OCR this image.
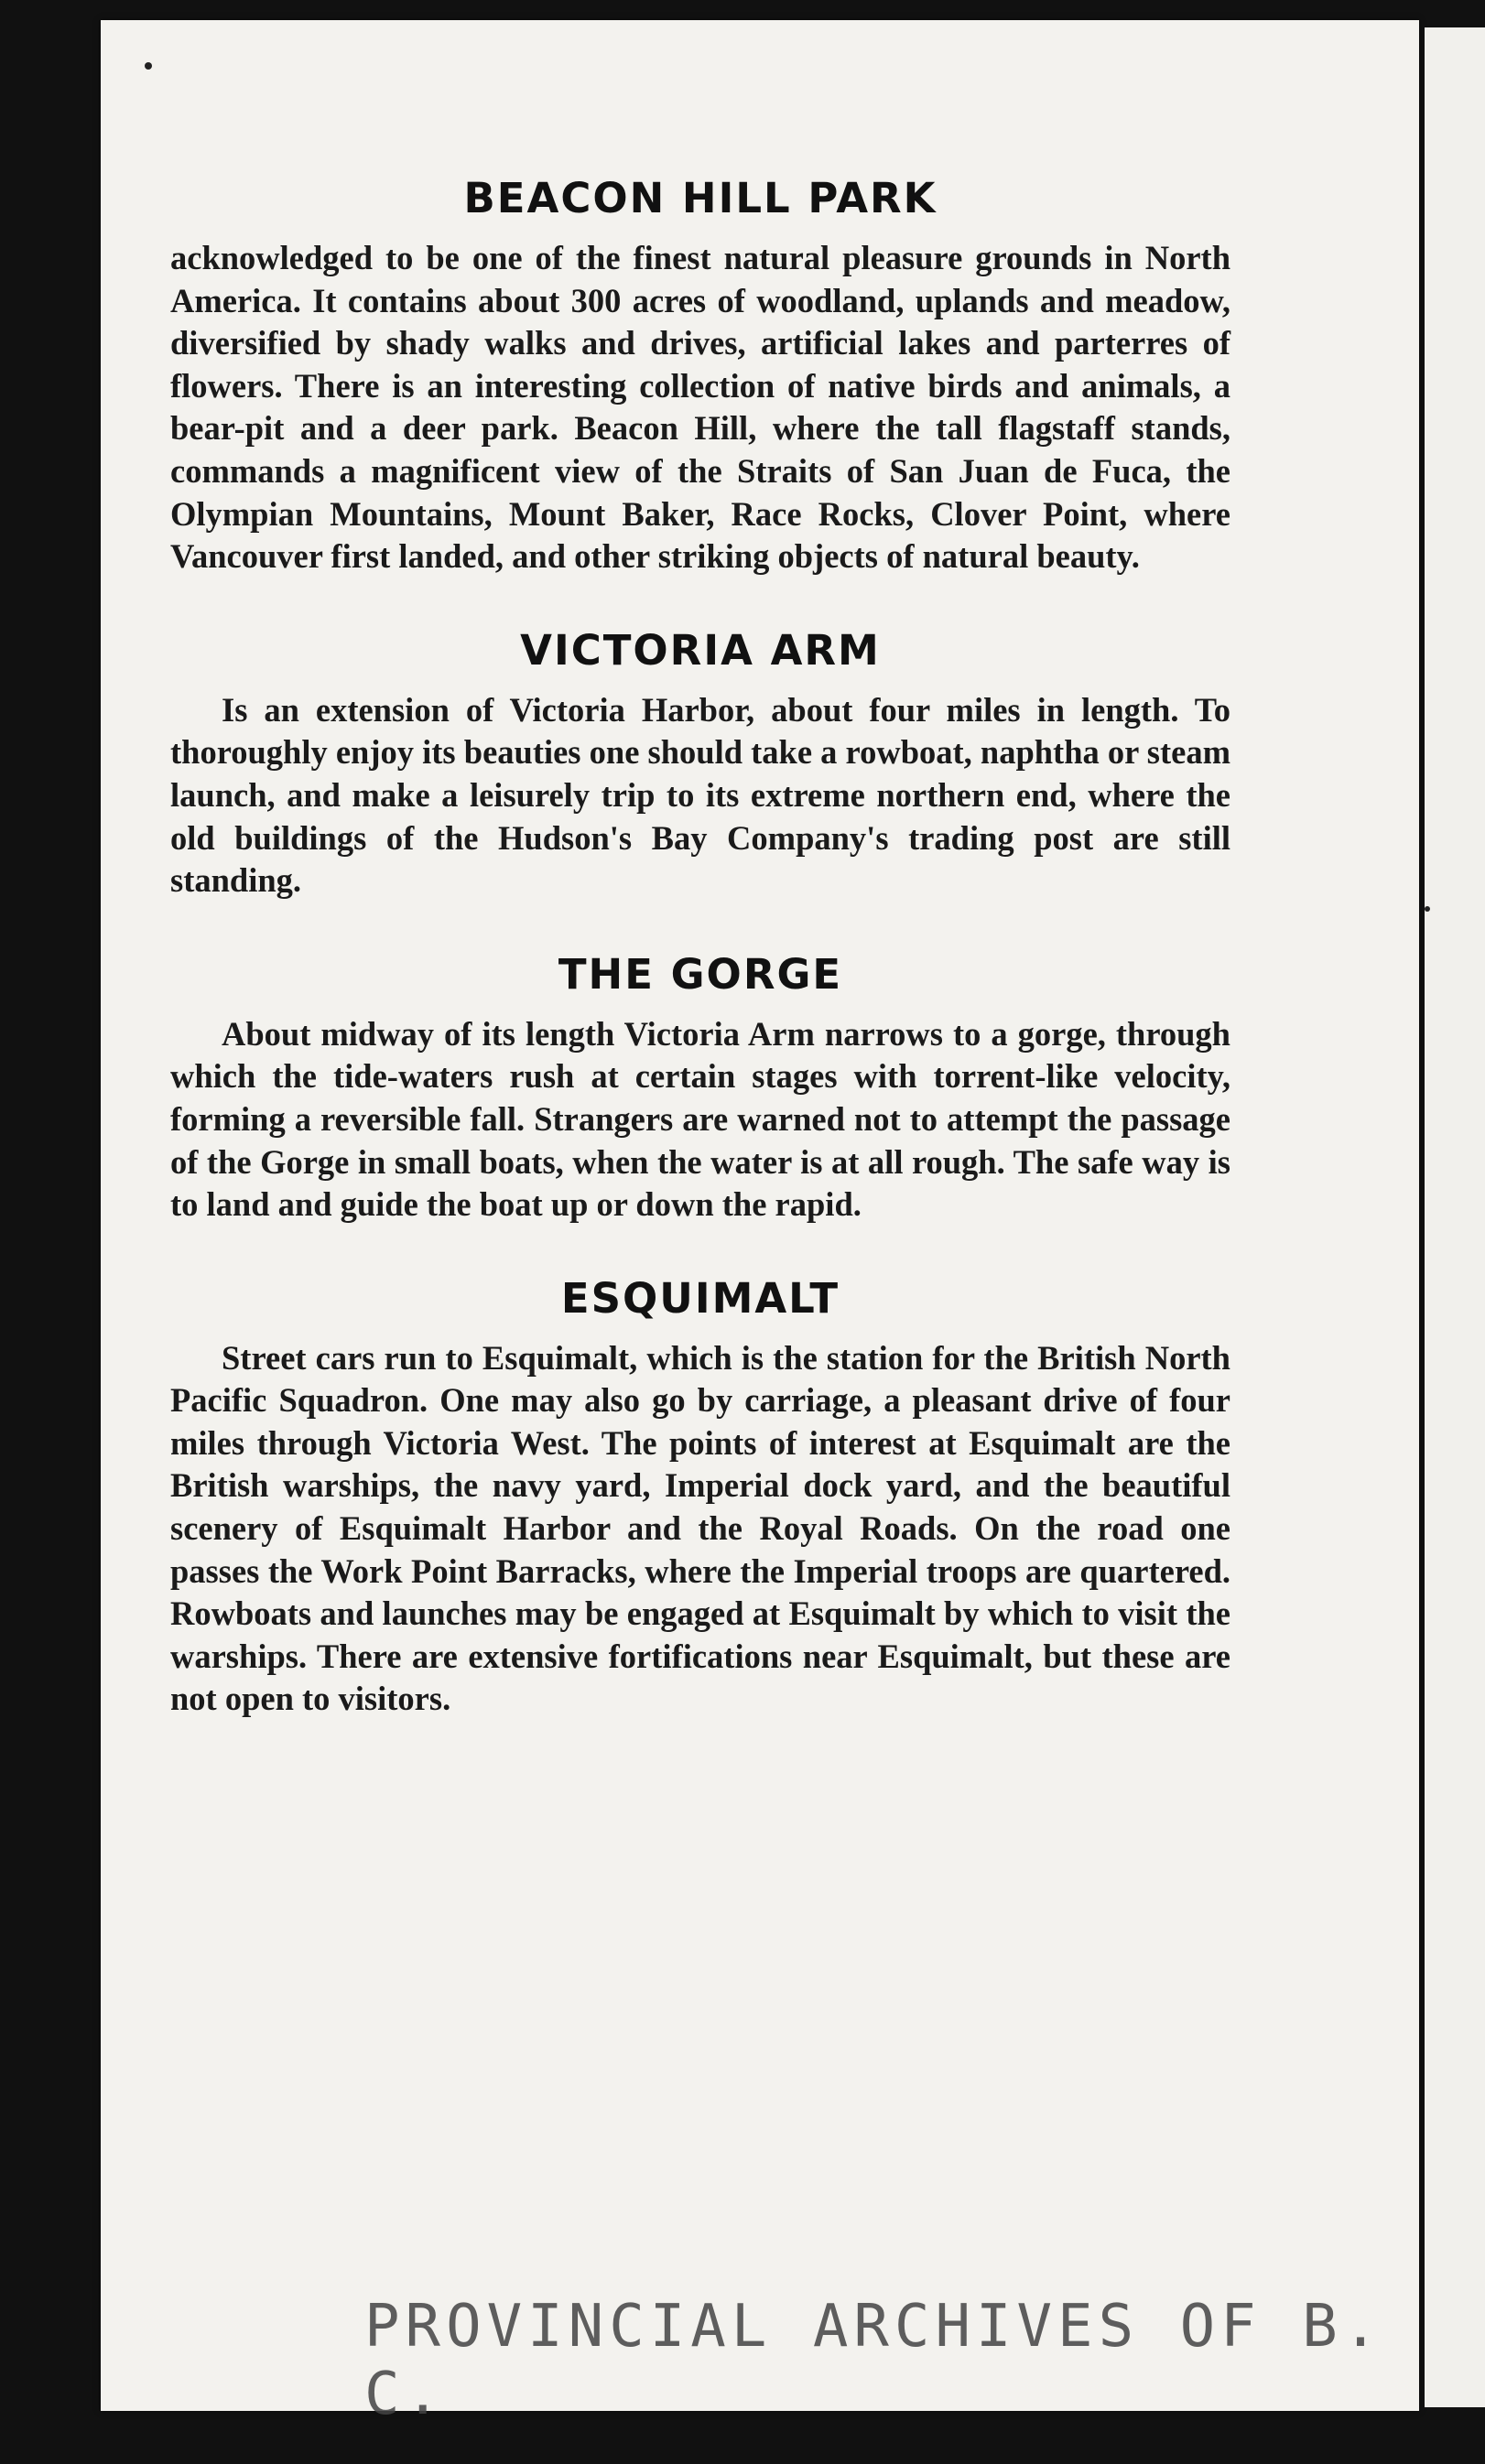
BEACON HILL PARK

acknowledged to be one of the finest natural pleasure grounds in North America. It contains about 300 acres of woodland, uplands and meadow, diversified by shady walks and drives, artificial lakes and parterres of flowers. There is an interesting collection of native birds and animals, a bear-pit and a deer park. Beacon Hill, where the tall flagstaff stands, commands a magnificent view of the Straits of San Juan de Fuca, the Olympian Mountains, Mount Baker, Race Rocks, Clover Point, where Vancouver first landed, and other striking objects of natural beauty.

VICTORIA ARM

Is an extension of Victoria Harbor, about four miles in length. To thoroughly enjoy its beauties one should take a rowboat, naphtha or steam launch, and make a leisurely trip to its extreme northern end, where the old buildings of the Hudson's Bay Company's trading post are still standing.

THE GORGE

About midway of its length Victoria Arm narrows to a gorge, through which the tide-waters rush at certain stages with torrent-like velocity, forming a reversible fall. Strangers are warned not to attempt the passage of the Gorge in small boats, when the water is at all rough. The safe way is to land and guide the boat up or down the rapid.

ESQUIMALT

Street cars run to Esquimalt, which is the station for the British North Pacific Squadron. One may also go by carriage, a pleasant drive of four miles through Victoria West. The points of interest at Esquimalt are the British warships, the navy yard, Imperial dock yard, and the beautiful scenery of Esquimalt Harbor and the Royal Roads. On the road one passes the Work Point Barracks, where the Imperial troops are quartered. Rowboats and launches may be engaged at Esquimalt by which to visit the warships. There are extensive fortifications near Esquimalt, but these are not open to visitors.

PROVINCIAL ARCHIVES OF B. C.
